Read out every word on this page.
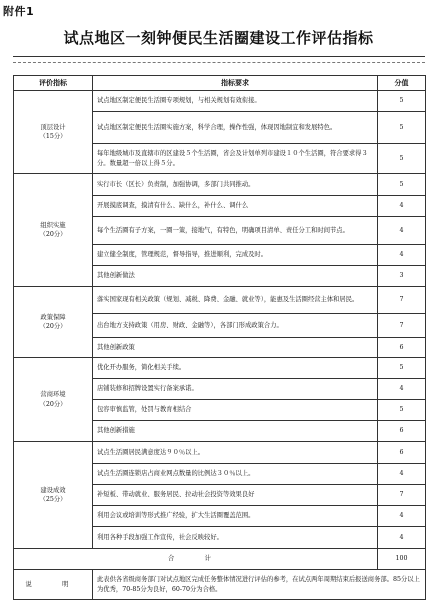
附件1
试点地区一刻钟便民生活圈建设工作评估指标
评价指标	指标要求	分值

顶层设计
（15分）	试点地区制定便民生活圈专项规划，与相关规划有效衔接。	5
	试点地区制定便民生活圈实施方案，科学合理，操作性强，体现因地制宜和发展特色。	5
	每年地级城市及直辖市的区建设５个生活圈，省会及计划单列市建设１０个生活圈，符合要求得３分。数量超一倍以上得５分。	5

组织实施
（20分）	实行市长（区长）负责制，加强协调，多部门共同推动。	5
	开展摸底调查，摸清有什么、缺什么，补什么、调什么	4
	每个生活圈有子方案，一圈一策，接地气，有特色，明确项目清单、责任分工和时间节点。	4
	建立健全制度，管理规范，督导指导，推进顺利，完成及时。	4
	其他创新做法	3

政策保障
（20分）	落实国家现有相关政策（规划、减税、降费、金融、就业等），能惠及生活圈经营主体和居民。	7
	出台地方支持政策（用房、财政、金融等），各部门形成政策合力。	7
	其他创新政策	6

营商环境
（20分）	优化开办服务，简化相关手续。	5
	店铺装修和招牌设置实行备案承诺。	4
	包容审慎监管，处罚与教育相结合	5
	其他创新措施	6

建设成效
（25分）	试点生活圈居民满意度达９０％以上。	6
	试点生活圈连锁店占商业网点数量的比例达３０％以上。	4
	补短板、带动就业、服务居民、拉动社会投资等效果良好	7
	利用会议或培训等形式推广经验，扩大生活圈覆盖范围。	4
	利用各种手段加强工作宣传，社会反映较好。	4
合　计		100
说　明	此表供各省级商务部门对试点地区完成任务整体情况进行评估的参考，在试点两年周期结束后报送商务部。85分以上为优秀，70-85分为良好，60-70分为合格。	
